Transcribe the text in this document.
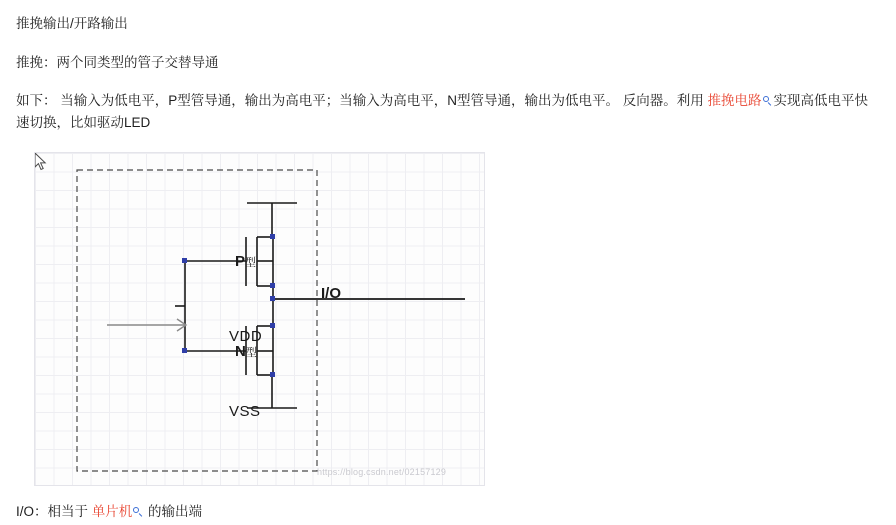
推挽输出/开路输出
推挽：两个同类型的管子交替导通
如下： 当输入为低电平，P型管导通，输出为高电平；当输入为高电平，N型管导通，输出为低电平。 反向器。利用 推挽电路 实现高低电平快速切换，比如驱动LED
VDD
VSS
P型
N型
I/O
https://blog.csdn.net/02157129
I/O：相当于 单片机 的输出端
